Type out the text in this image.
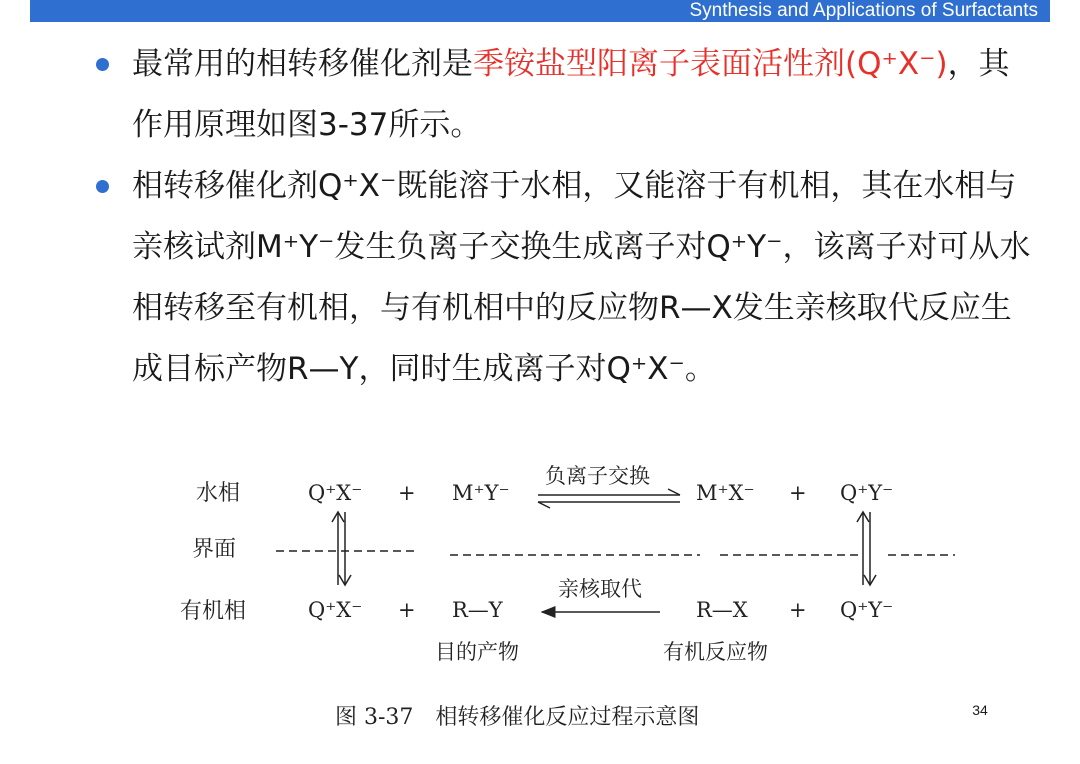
Synthesis and Applications of Surfactants
最常用的相转移催化剂是季铵盐型阳离子表面活性剂(Q⁺X⁻)，其作用原理如图3-37所示。
相转移催化剂Q⁺X⁻既能溶于水相，又能溶于有机相，其在水相与亲核试剂M⁺Y⁻发生负离子交换生成离子对Q⁺Y⁻，该离子对可从水相转移至有机相，与有机相中的反应物R—X发生亲核取代反应生成目标产物R—Y，同时生成离子对Q⁺X⁻。
水相
界面
有机相
Q⁺X⁻ + M⁺Y⁻	M⁺X⁻ + Q⁺Y⁻
Q⁺X⁻ + R—Y	R—X + Q⁺Y⁻
负离子交换
亲核取代
目的产物	有机反应物
图 3-37　相转移催化反应过程示意图	34
